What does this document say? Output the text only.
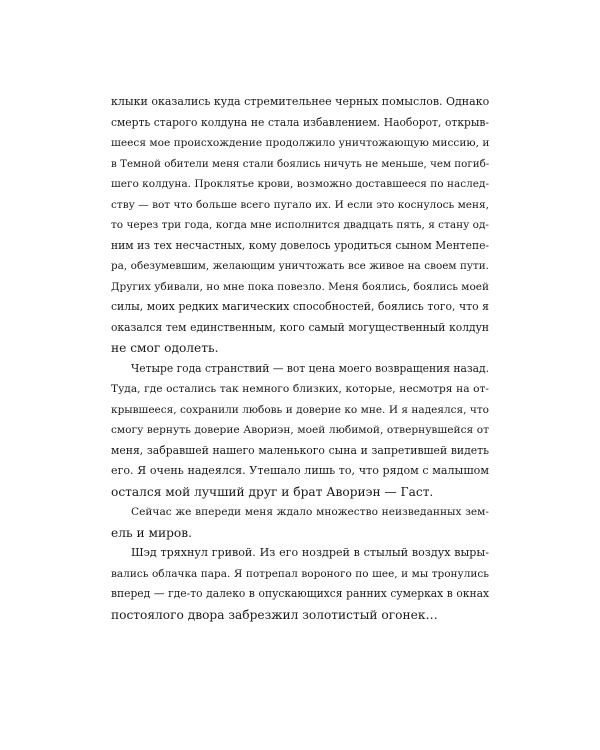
клыки оказались куда стремительнее черных помыслов. Однако
смерть старого колдуна не стала избавлением. Наоборот, открыв-
шееся мое происхождение продолжило уничтожающую миссию, и
в Темной обители меня стали боялись ничуть не меньше, чем погиб-
шего колдуна. Проклятье крови, возможно доставшееся по наслед-
ству — вот что больше всего пугало их. И если это коснулось меня,
то через три года, когда мне исполнится двадцать пять, я стану од-
ним из тех несчастных, кому довелось уродиться сыном Ментепе-
ра, обезумевшим, желающим уничтожать все живое на своем пути.
Других убивали, но мне пока повезло. Меня боялись, боялись моей
силы, моих редких магических способностей, боялись того, что я
оказался тем единственным, кого самый могущественный колдун
не смог одолеть.
Четыре года странствий — вот цена моего возвращения назад.
Туда, где остались так немного близких, которые, несмотря на от-
крывшееся, сохранили любовь и доверие ко мне. И я надеялся, что
смогу вернуть доверие Авориэн, моей любимой, отвернувшейся от
меня, забравшей нашего маленького сына и запретившей видеть
его. Я очень надеялся. Утешало лишь то, что рядом с малышом
остался мой лучший друг и брат Авориэн — Гаст.
Сейчас же впереди меня ждало множество неизведанных зем-
ель и миров.
Шэд тряхнул гривой. Из его ноздрей в стылый воздух выры-
вались облачка пара. Я потрепал вороного по шее, и мы тронулись
вперед — где-то далеко в опускающихся ранних сумерках в окнах
постоялого двора забрезжил золотистый огонек…
